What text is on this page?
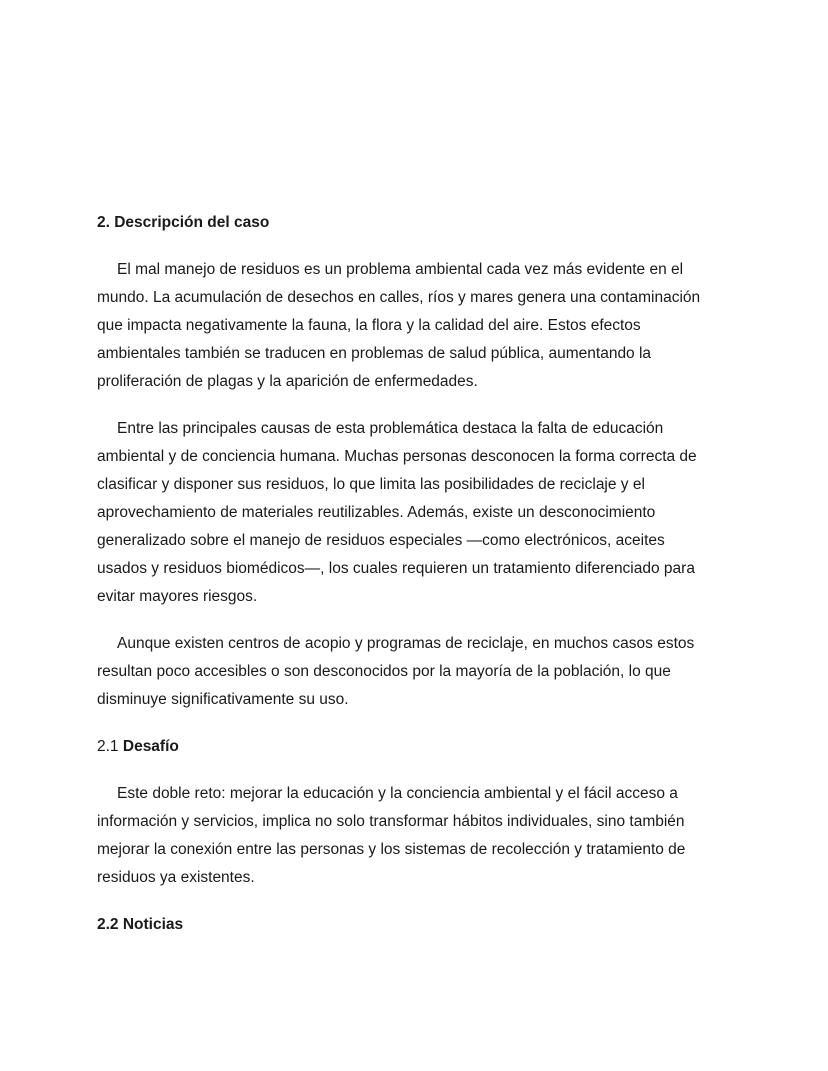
2. Descripción del caso
El mal manejo de residuos es un problema ambiental cada vez más evidente en el
mundo. La acumulación de desechos en calles, ríos y mares genera una contaminación
que impacta negativamente la fauna, la flora y la calidad del aire. Estos efectos
ambientales también se traducen en problemas de salud pública, aumentando la
proliferación de plagas y la aparición de enfermedades.
Entre las principales causas de esta problemática destaca la falta de educación
ambiental y de conciencia humana. Muchas personas desconocen la forma correcta de
clasificar y disponer sus residuos, lo que limita las posibilidades de reciclaje y el
aprovechamiento de materiales reutilizables. Además, existe un desconocimiento
generalizado sobre el manejo de residuos especiales —como electrónicos, aceites
usados y residuos biomédicos—, los cuales requieren un tratamiento diferenciado para
evitar mayores riesgos.
Aunque existen centros de acopio y programas de reciclaje, en muchos casos estos
resultan poco accesibles o son desconocidos por la mayoría de la población, lo que
disminuye significativamente su uso.
2.1 Desafío
Este doble reto: mejorar la educación y la conciencia ambiental y el fácil acceso a
información y servicios, implica no solo transformar hábitos individuales, sino también
mejorar la conexión entre las personas y los sistemas de recolección y tratamiento de
residuos ya existentes.
2.2 Noticias
